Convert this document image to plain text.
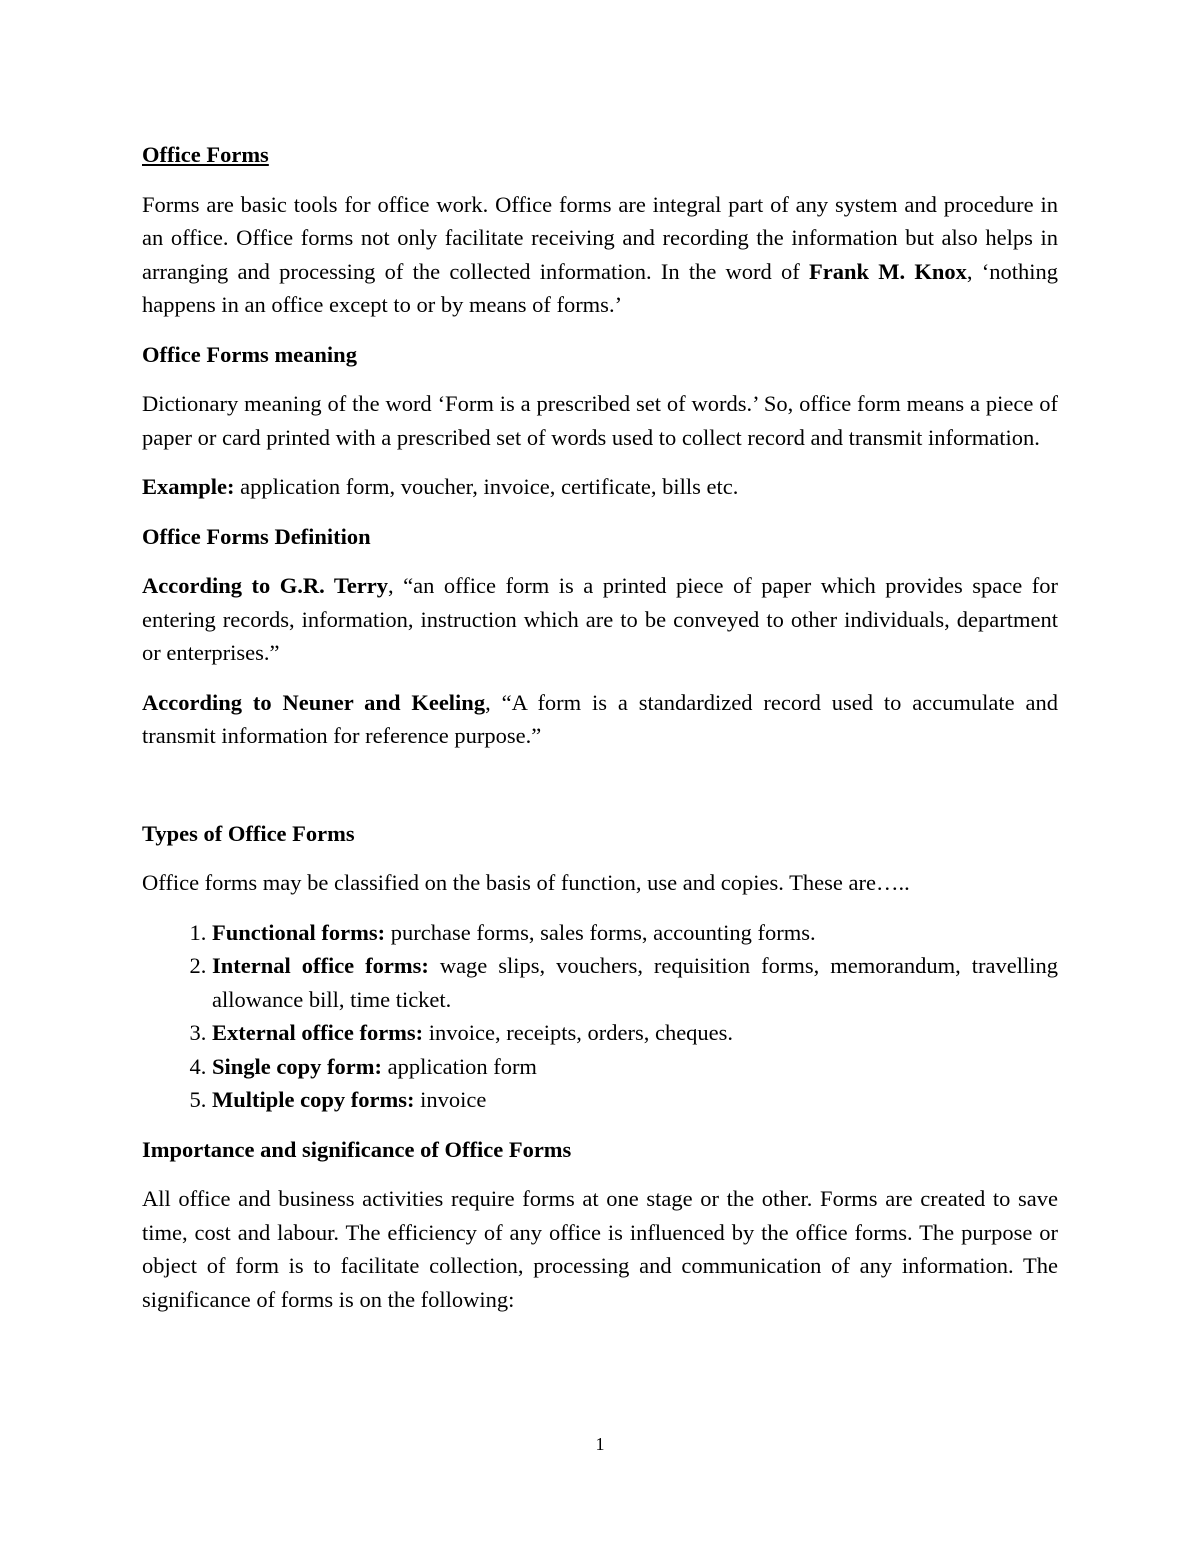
Office Forms

Forms are basic tools for office work. Office forms are integral part of any system and procedure in an office. Office forms not only facilitate receiving and recording the information but also helps in arranging and processing of the collected information. In the word of Frank M. Knox, ‘nothing happens in an office except to or by means of forms.’

Office Forms meaning

Dictionary meaning of the word ‘Form is a prescribed set of words.’ So, office form means a piece of paper or card printed with a prescribed set of words used to collect record and transmit information.

Example: application form, voucher, invoice, certificate, bills etc.

Office Forms Definition

According to G.R. Terry, “an office form is a printed piece of paper which provides space for entering records, information, instruction which are to be conveyed to other individuals, department or enterprises.”

According to Neuner and Keeling, “A form is a standardized record used to accumulate and transmit information for reference purpose.”

Types of Office Forms

Office forms may be classified on the basis of function, use and copies. These are…..

1. Functional forms: purchase forms, sales forms, accounting forms.
2. Internal office forms: wage slips, vouchers, requisition forms, memorandum, travelling allowance bill, time ticket.
3. External office forms: invoice, receipts, orders, cheques.
4. Single copy form: application form
5. Multiple copy forms: invoice
Importance and significance of Office Forms

All office and business activities require forms at one stage or the other. Forms are created to save time, cost and labour. The efficiency of any office is influenced by the office forms. The purpose or object of form is to facilitate collection, processing and communication of any information. The significance of forms is on the following:

1
